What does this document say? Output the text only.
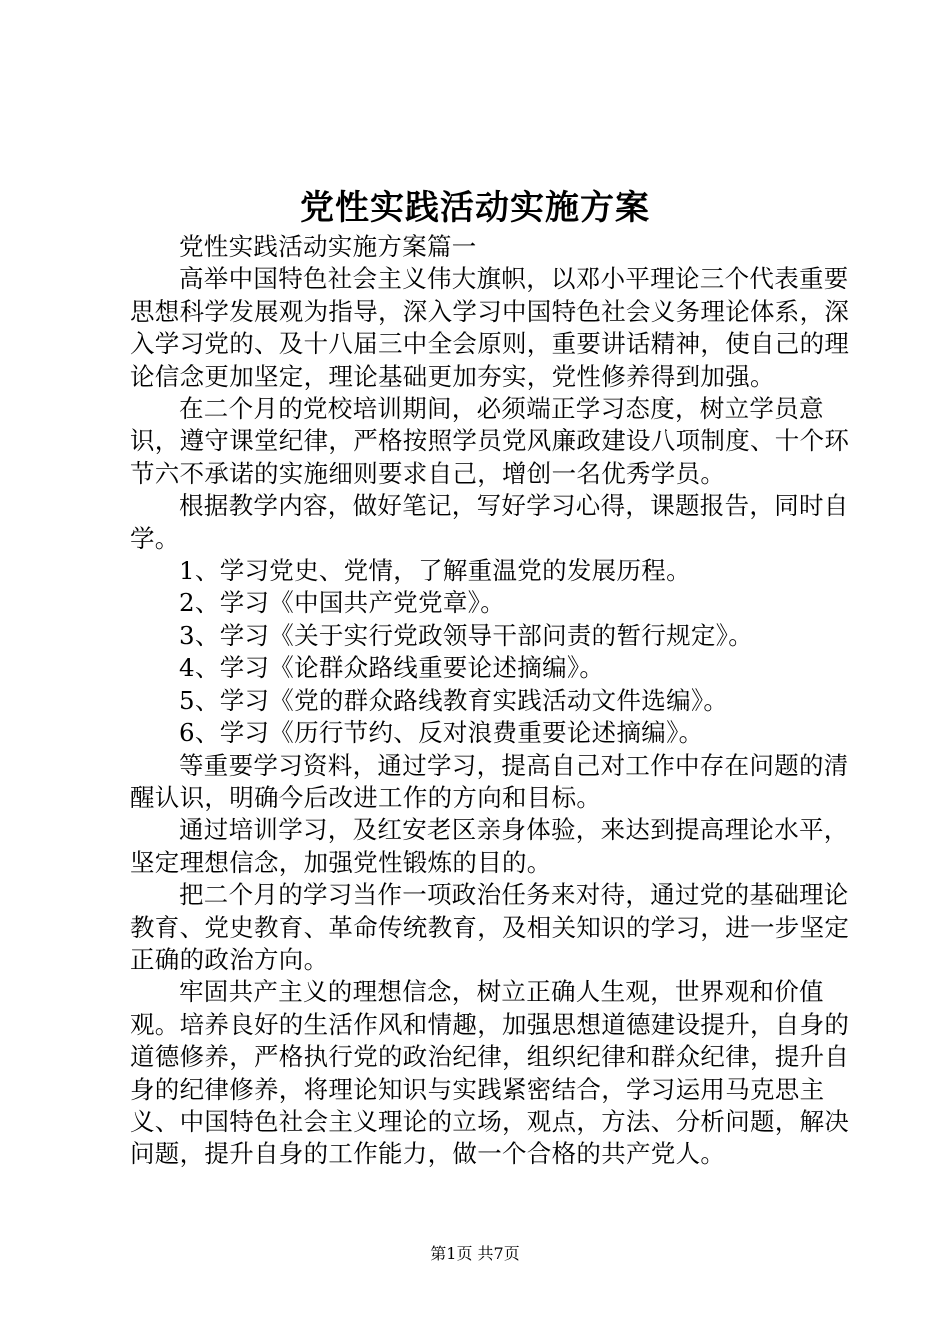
党性实践活动实施方案

党性实践活动实施方案篇一

高举中国特色社会主义伟大旗帜，以邓小平理论三个代表重要思想科学发展观为指导，深入学习中国特色社会义务理论体系，深入学习党的、及十八届三中全会原则，重要讲话精神，使自己的理论信念更加坚定，理论基础更加夯实，党性修养得到加强。

在二个月的党校培训期间，必须端正学习态度，树立学员意识，遵守课堂纪律，严格按照学员党风廉政建设八项制度、十个环节六不承诺的实施细则要求自己，增创一名优秀学员。

根据教学内容，做好笔记，写好学习心得，课题报告，同时自学。

1、学习党史、党情，了解重温党的发展历程。

2、学习《中国共产党党章》。

3、学习《关于实行党政领导干部问责的暂行规定》。

4、学习《论群众路线重要论述摘编》。

5、学习《党的群众路线教育实践活动文件选编》。

6、学习《历行节约、反对浪费重要论述摘编》。

等重要学习资料，通过学习，提高自己对工作中存在问题的清醒认识，明确今后改进工作的方向和目标。

通过培训学习，及红安老区亲身体验，来达到提高理论水平，坚定理想信念，加强党性锻炼的目的。

把二个月的学习当作一项政治任务来对待，通过党的基础理论教育、党史教育、革命传统教育，及相关知识的学习，进一步坚定正确的政治方向。

牢固共产主义的理想信念，树立正确人生观，世界观和价值观。培养良好的生活作风和情趣，加强思想道德建设提升，自身的道德修养，严格执行党的政治纪律，组织纪律和群众纪律，提升自身的纪律修养，将理论知识与实践紧密结合，学习运用马克思主义、中国特色社会主义理论的立场，观点，方法、分析问题，解决问题，提升自身的工作能力，做一个合格的共产党人。

第1页 共7页
